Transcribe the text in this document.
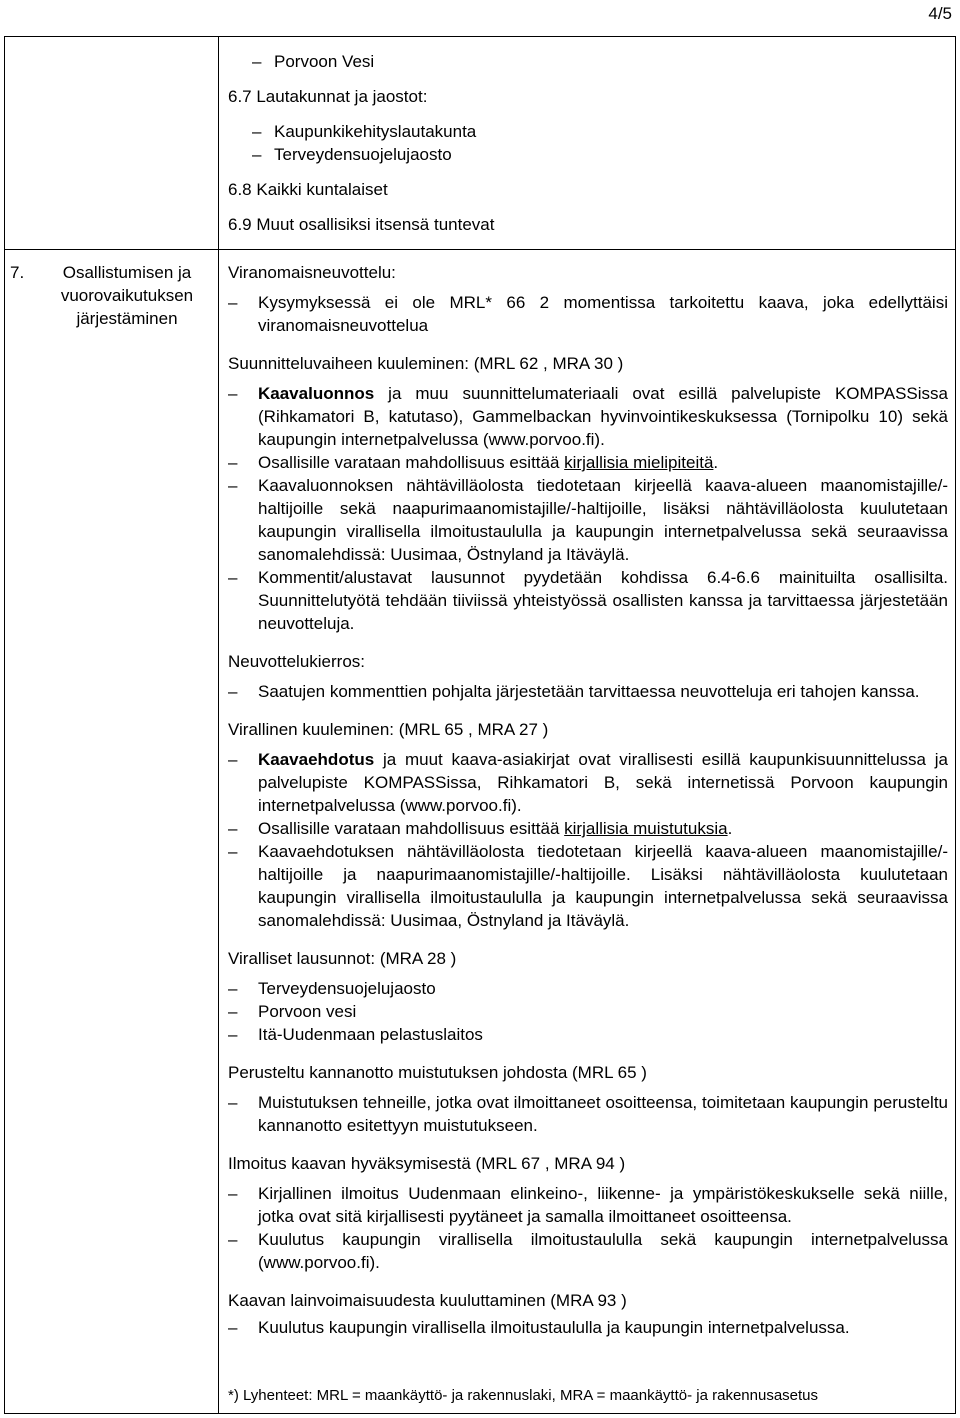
4/5
– Porvoon Vesi
6.7 Lautakunnat ja jaostot:
– Kaupunkikehityslautakunta
– Terveydensuojelujaosto
6.8 Kaikki kuntalaiset
6.9 Muut osallisiksi itsensä tuntevat
7.	Osallistumisen ja
vuorovaikutuksen
järjestäminen
Viranomaisneuvottelu:
– Kysymyksessä ei ole MRL* 66 2 momentissa tarkoitettu kaava, joka edellyttäisi viranomaisneuvottelua
Suunnitteluvaiheen kuuleminen: (MRL 62 , MRA 30 )
– Kaavaluonnos ja muu suunnittelumateriaali ovat esillä palvelupiste KOMPASSissa (Rihkamatori B, katutaso), Gammelbackan hyvinvointikeskuksessa (Tornipolku 10) sekä kaupungin internetpalvelussa (www.porvoo.fi).
– Osallisille varataan mahdollisuus esittää kirjallisia mielipiteitä.
– Kaavaluonnoksen nähtävilläolosta tiedotetaan kirjeellä kaava-alueen maanomistajille/-haltijoille sekä naapurimaanomistajille/-haltijoille, lisäksi nähtävilläolosta kuulutetaan kaupungin virallisella ilmoitustaululla ja kaupungin internetpalvelussa sekä seuraavissa sanomalehdissä: Uusimaa, Östnyland ja Itäväylä.
– Kommentit/alustavat lausunnot pyydetään kohdissa 6.4-6.6 mainituilta osallisilta. Suunnittelutyötä tehdään tiiviissä yhteistyössä osallisten kanssa ja tarvittaessa järjestetään neuvotteluja.
Neuvottelukierros:
– Saatujen kommenttien pohjalta järjestetään tarvittaessa neuvotteluja eri tahojen kanssa.
Virallinen kuuleminen: (MRL 65 , MRA 27 )
– Kaavaehdotus ja muut kaava-asiakirjat ovat virallisesti esillä kaupunkisuunnittelussa ja palvelupiste KOMPASSissa, Rihkamatori B, sekä internetissä Porvoon kaupungin internetpalvelussa (www.porvoo.fi).
– Osallisille varataan mahdollisuus esittää kirjallisia muistutuksia.
– Kaavaehdotuksen nähtävilläolosta tiedotetaan kirjeellä kaava-alueen maanomistajille/-haltijoille ja naapurimaanomistajille/-haltijoille. Lisäksi nähtävilläolosta kuulutetaan kaupungin virallisella ilmoitustaululla ja kaupungin internetpalvelussa sekä seuraavissa sanomalehdissä: Uusimaa, Östnyland ja Itäväylä.
Viralliset lausunnot: (MRA 28 )
– Terveydensuojelujaosto
– Porvoon vesi
– Itä-Uudenmaan pelastuslaitos
Perusteltu kannanotto muistutuksen johdosta (MRL 65 )
– Muistutuksen tehneille, jotka ovat ilmoittaneet osoitteensa, toimitetaan kaupungin perusteltu kannanotto esitettyyn muistutukseen.
Ilmoitus kaavan hyväksymisestä (MRL 67 , MRA 94 )
– Kirjallinen ilmoitus Uudenmaan elinkeino-, liikenne- ja ympäristökeskukselle sekä niille, jotka ovat sitä kirjallisesti pyytäneet ja samalla ilmoittaneet osoitteensa.
– Kuulutus kaupungin virallisella ilmoitustaululla sekä kaupungin internetpalvelussa (www.porvoo.fi).
Kaavan lainvoimaisuudesta kuuluttaminen (MRA 93 )
– Kuulutus kaupungin virallisella ilmoitustaululla ja kaupungin internetpalvelussa.
*) Lyhenteet: MRL = maankäyttö- ja rakennuslaki, MRA = maankäyttö- ja rakennusasetus
